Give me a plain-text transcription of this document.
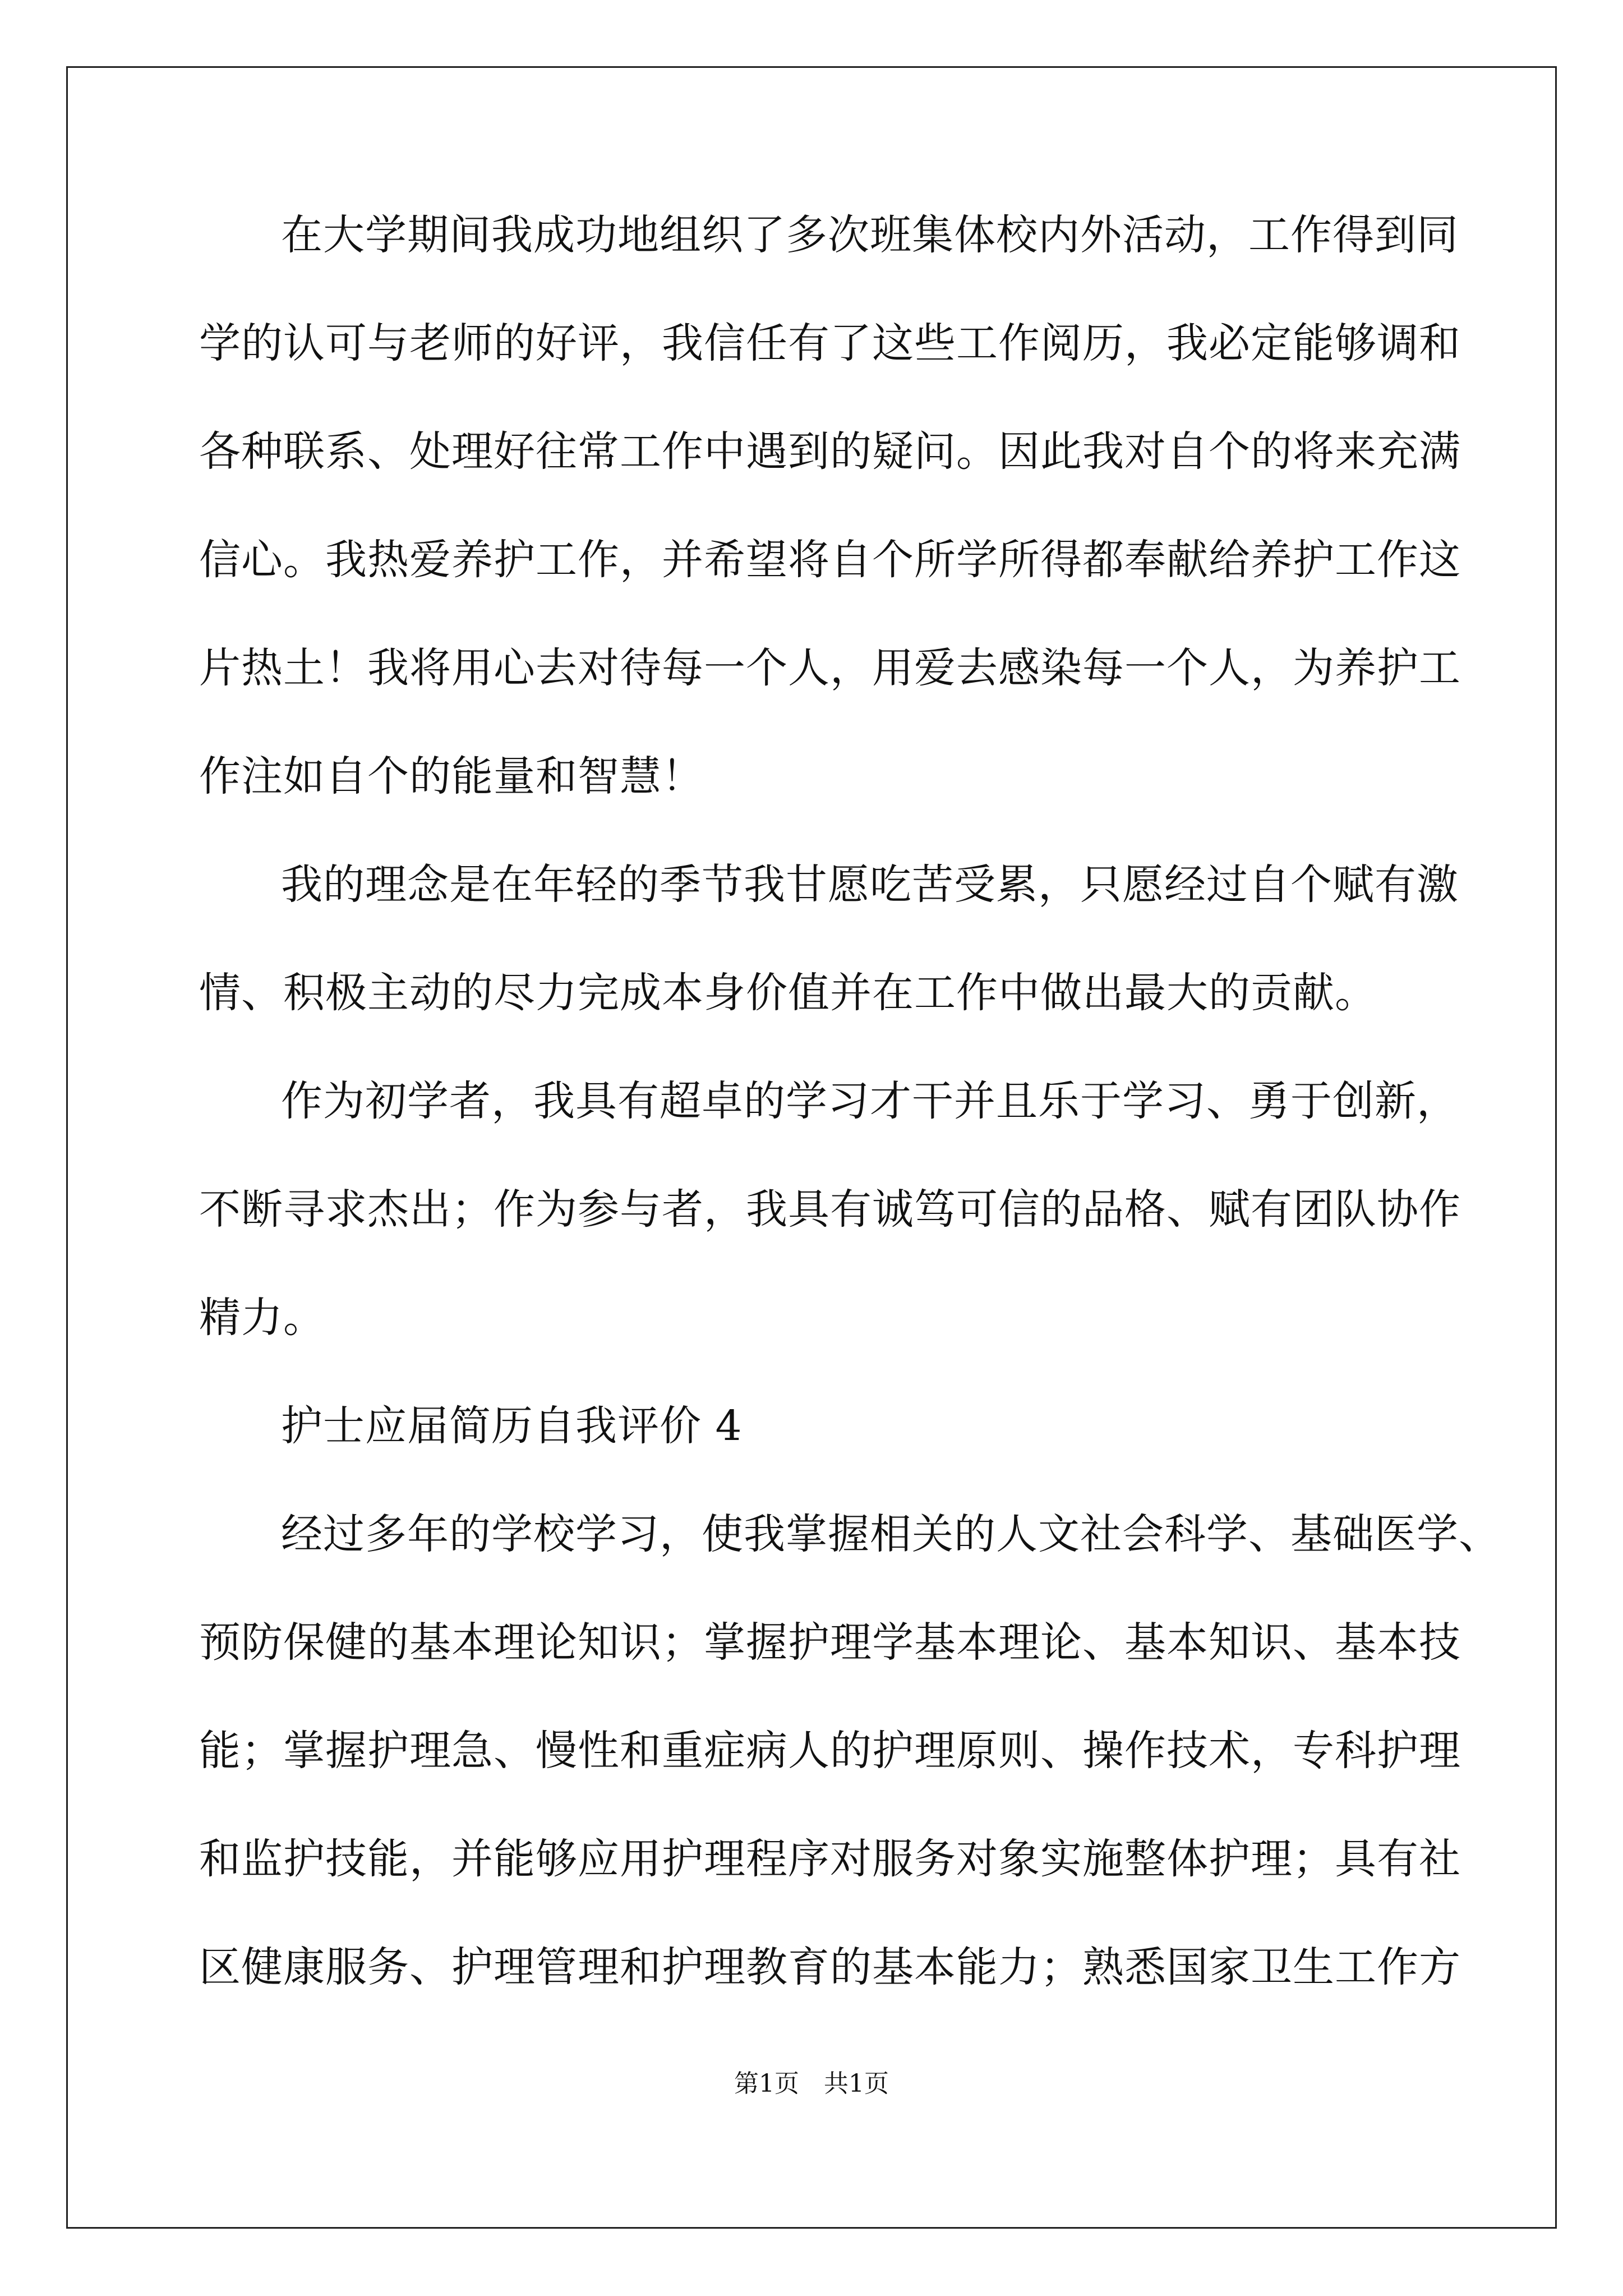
在大学期间我成功地组织了多次班集体校内外活动，工作得到同
学的认可与老师的好评，我信任有了这些工作阅历，我必定能够调和
各种联系、处理好往常工作中遇到的疑问。因此我对自个的将来充满
信心。我热爱养护工作，并希望将自个所学所得都奉献给养护工作这
片热土！我将用心去对待每一个人，用爱去感染每一个人，为养护工
作注如自个的能量和智慧！
我的理念是在年轻的季节我甘愿吃苦受累，只愿经过自个赋有激
情、积极主动的尽力完成本身价值并在工作中做出最大的贡献。
作为初学者，我具有超卓的学习才干并且乐于学习、勇于创新，
不断寻求杰出；作为参与者，我具有诚笃可信的品格、赋有团队协作
精力。
护士应届简历自我评价 4
经过多年的学校学习，使我掌握相关的人文社会科学、基础医学、
预防保健的基本理论知识；掌握护理学基本理论、基本知识、基本技
能；掌握护理急、慢性和重症病人的护理原则、操作技术，专科护理
和监护技能，并能够应用护理程序对服务对象实施整体护理；具有社
区健康服务、护理管理和护理教育的基本能力；熟悉国家卫生工作方
第1页　共1页
